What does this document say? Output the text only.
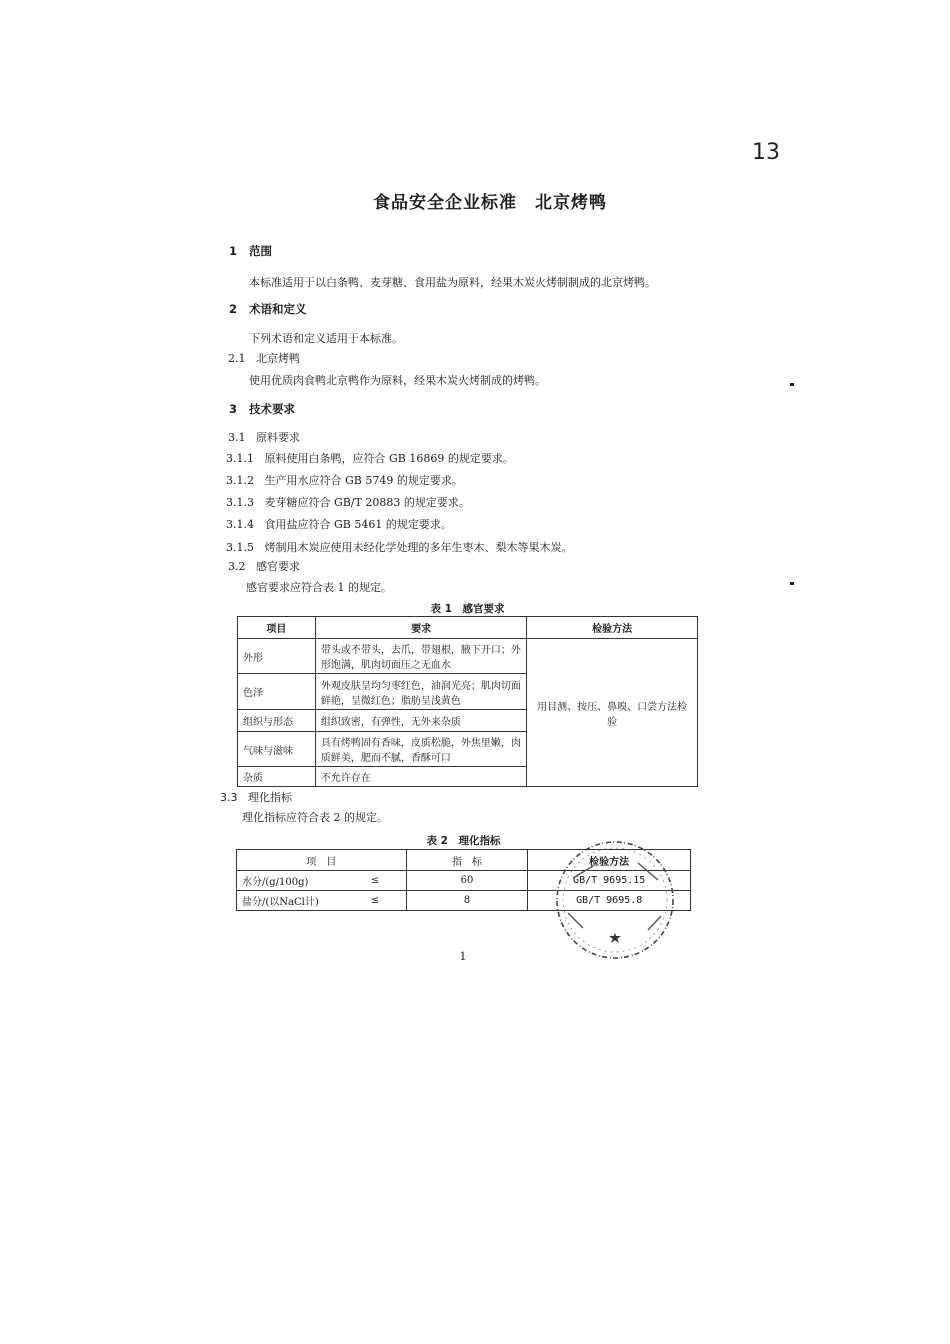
13
食品安全企业标准 北京烤鸭
1 范围
本标准适用于以白条鸭、麦芽糖、食用盐为原料，经果木炭火烤制制成的北京烤鸭。
2 术语和定义
下列术语和定义适用于本标准。
2.1 北京烤鸭
使用优质肉食鸭北京鸭作为原料，经果木炭火烤制成的烤鸭。
3 技术要求
3.1 原料要求
3.1.1 原料使用白条鸭，应符合 GB 16869 的规定要求。
3.1.2 生产用水应符合 GB 5749 的规定要求。
3.1.3 麦芽糖应符合 GB/T 20883 的规定要求。
3.1.4 食用盐应符合 GB 5461 的规定要求。
3.1.5 烤制用木炭应使用未经化学处理的多年生枣木、梨木等果木炭。
3.2 感官要求
感官要求应符合表 1 的规定。
表 1　感官要求
项目	要求	检验方法
外形	带头或不带头，去爪，带翅根，腋下开口；外形饱满，肌肉切面压之无血水	用目测、按压、鼻嗅、口尝方法检验
色泽	外观皮肤呈均匀枣红色，油润光亮；肌肉切面鲜艳，呈微红色；脂肪呈浅黄色	
组织与形态	组织致密，有弹性，无外来杂质	
气味与滋味	具有烤鸭固有香味，皮质松脆，外焦里嫩，肉质鲜美，肥而不腻，香酥可口	
杂质	不允许存在	
3.3 理化指标
理化指标应符合表 2 的规定。
表 2　理化指标
项　目		指　标	检验方法
水分/(g/100g)	≤	60	GB/T 9695.15
盐分/(以NaCl计)	≤	8	GB/T 9695.8
1
